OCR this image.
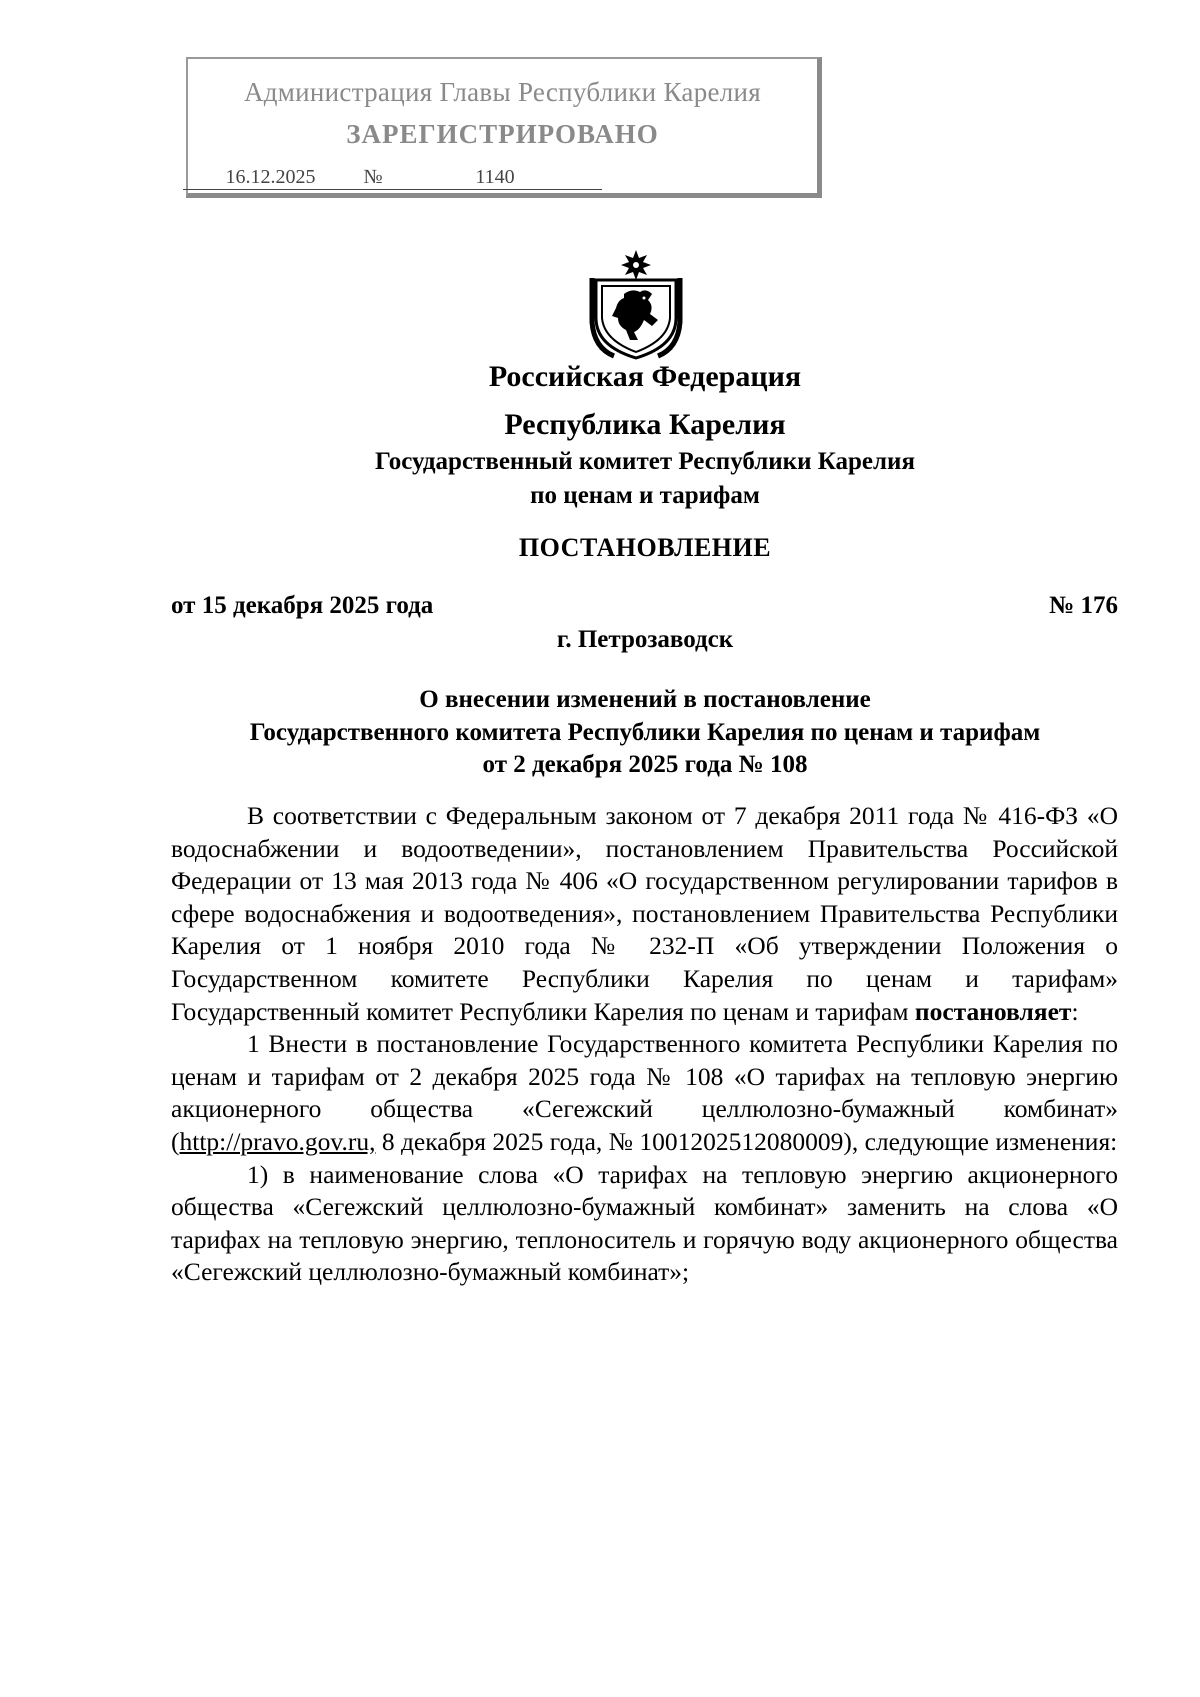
Администрация Главы Республики Карелия
ЗАРЕГИСТРИРОВАНО
16.12.2025 №	1140
Российская Федерация
Республика Карелия
Государственный комитет Республики Карелия
по ценам и тарифам
ПОСТАНОВЛЕНИЕ
от 15 декабря 2025 года	№ 176
г. Петрозаводск
О внесении изменений в постановление
Государственного комитета Республики Карелия по ценам и тарифам
от 2 декабря 2025 года № 108

В соответствии с Федеральным законом от 7 декабря 2011 года № 416-ФЗ «О водоснабжении и водоотведении», постановлением Правительства Российской Федерации от 13 мая 2013 года № 406 «О государственном регулировании тарифов в сфере водоснабжения и водоотведения», постановлением Правительства Республики Карелия от 1 ноября 2010 года № 232-П «Об утверждении Положения о Государственном комитете Республики Карелия по ценам и тарифам» Государственный комитет Республики Карелия по ценам и тарифам постановляет:

1 Внести в постановление Государственного комитета Республики Карелия по ценам и тарифам от 2 декабря 2025 года № 108 «О тарифах на тепловую энергию акционерного общества «Сегежский целлюлозно-бумажный комбинат» (http://pravo.gov.ru, 8 декабря 2025 года, № 1001202512080009), следующие изменения:

1) в наименование слова «О тарифах на тепловую энергию акционерного общества «Сегежский целлюлозно-бумажный комбинат» заменить на слова «О тарифах на тепловую энергию, теплоноситель и горячую воду акционерного общества «Сегежский целлюлозно-бумажный комбинат»;
